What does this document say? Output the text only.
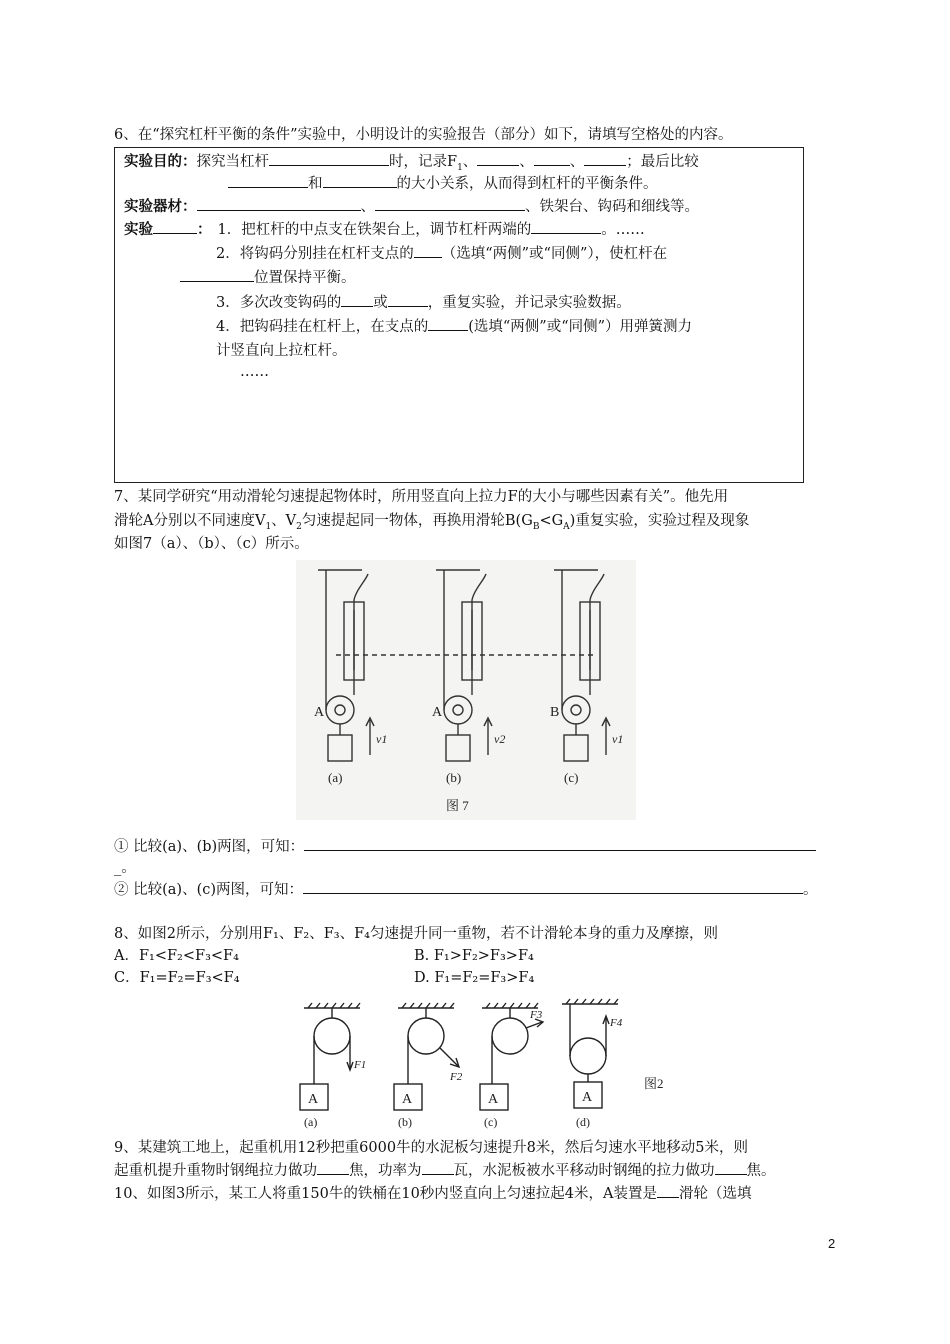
6、在“探究杠杆平衡的条件”实验中，小明设计的实验报告（部分）如下，请填写空格处的内容。
实验目的：探究当杠杆	时，记录$F_1$、	、 、	；最后比较
和	的大小关系，从而得到杠杆的平衡条件。
实验器材：	、	、铁架台、钩码和细线等。
实验	： 1．把杠杆的中点支在铁架台上，调节杠杆两端的	。……
2．将钩码分别挂在杠杆支点的 （选填“两侧”或“同侧”），使杠杆在
位置保持平衡。
3．多次改变钩码的 或	，重复实验，并记录实验数据。
4．把钩码挂在杠杆上，在支点的	(选填“两侧”或“同侧”）用弹簧测力
计竖直向上拉杠杆。
……
7、某同学研究“用动滑轮匀速提起物体时，所用竖直向上拉力F的大小与哪些因素有关”。他先用
滑轮A分别以不同速度$V_1$、$V_2$匀速提起同一物体，再换用滑轮$B(G_B<G_A)$重复实验，实验过程及现象
如图7（a）、（b）、（c）所示。
A	A	B
v1	v2	v1
(a)	(b)	(c)
图 7
① 比较(a)、(b)两图，可知：
_。
② 比较(a)、(c)两图，可知：	。
8、如图2所示，分别用F₁、F₂、F₃、F₄匀速提升同一重物，若不计滑轮本身的重力及摩擦，则
A．F₁<F₂<F₃<F₄	B. F₁>F₂>F₃>F₄
C．F₁=F₂=F₃<F₄	D. F₁=F₂=F₃>F₄
A	A	A	A
F1
F2
F3
F4
(a)	(b)	(c)	(d)
图2
9、某建筑工地上，起重机用12秒把重6000牛的水泥板匀速提升8米，然后匀速水平地移动5米，则
起重机提升重物时钢绳拉力做功 焦，功率为 瓦，水泥板被水平移动时钢绳的拉力做功 焦。
10、如图3所示，某工人将重150牛的铁桶在10秒内竖直向上匀速拉起4米，A装置是 滑轮（选填
2
